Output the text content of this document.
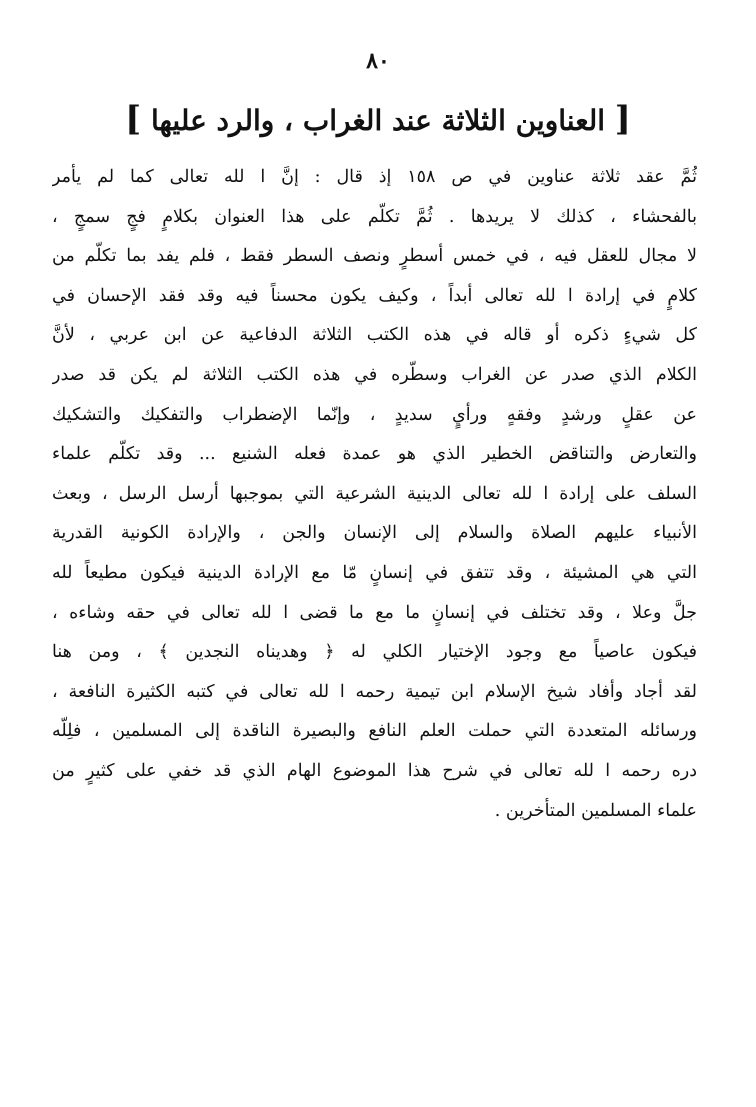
٨٠
[ العناوين الثلاثة عند الغراب ، والرد عليها ]
ثُمَّ عقد ثلاثة عناوين في ص ١٥٨ إذ قال : إنَّ ا لله تعالى كما لم يأمر
بالفحشاء ، كذلك لا يريدها . ثُمَّ تكلّم على هذا العنوان بكلامٍ فجٍ سمجٍ ،
لا مجال للعقل فيه ، في خمس أسطرٍ ونصف السطر فقط ، فلم يفد بما تكلّم من
كلامٍ في إرادة ا لله تعالى أبداً ، وكيف يكون محسناً فيه وقد فقد الإحسان في
كل شيءٍ ذكره أو قاله في هذه الكتب الثلاثة الدفاعية عن ابن عربي ، لأنَّ
الكلام الذي صدر عن الغراب وسطّره في هذه الكتب الثلاثة لم يكن قد صدر
عن عقلٍ ورشدٍ وفقهٍ ورأيٍ سديدٍ ، وإنّما الإضطراب والتفكيك والتشكيك
والتعارض والتناقض الخطير الذي هو عمدة فعله الشنيع ... وقد تكلّم علماء
السلف على إرادة ا لله تعالى الدينية الشرعية التي بموجبها أرسل الرسل ، وبعث
الأنبياء عليهم الصلاة والسلام إلى الإنسان والجن ، والإرادة الكونية القدرية
التي هي المشيئة ، وقد تتفق في إنسانٍ مّا مع الإرادة الدينية فيكون مطيعاً لله
جلَّ وعلا ، وقد تختلف في إنسانٍ ما مع ما قضى ا لله تعالى في حقه وشاءه ،
فيكون عاصياً مع وجود الإختيار الكلي له ﴿ وهديناه النجدين ﴾ ، ومن هنا
لقد أجاد وأفاد شيخ الإسلام ابن تيمية رحمه ا لله تعالى في كتبه الكثيرة النافعة ،
ورسائله المتعددة التي حملت العلم النافع والبصيرة الناقدة إلى المسلمين ، فلِلّه
دره رحمه ا لله تعالى في شرح هذا الموضوع الهام الذي قد خفي على كثيرٍ من
علماء المسلمين المتأخرين .
